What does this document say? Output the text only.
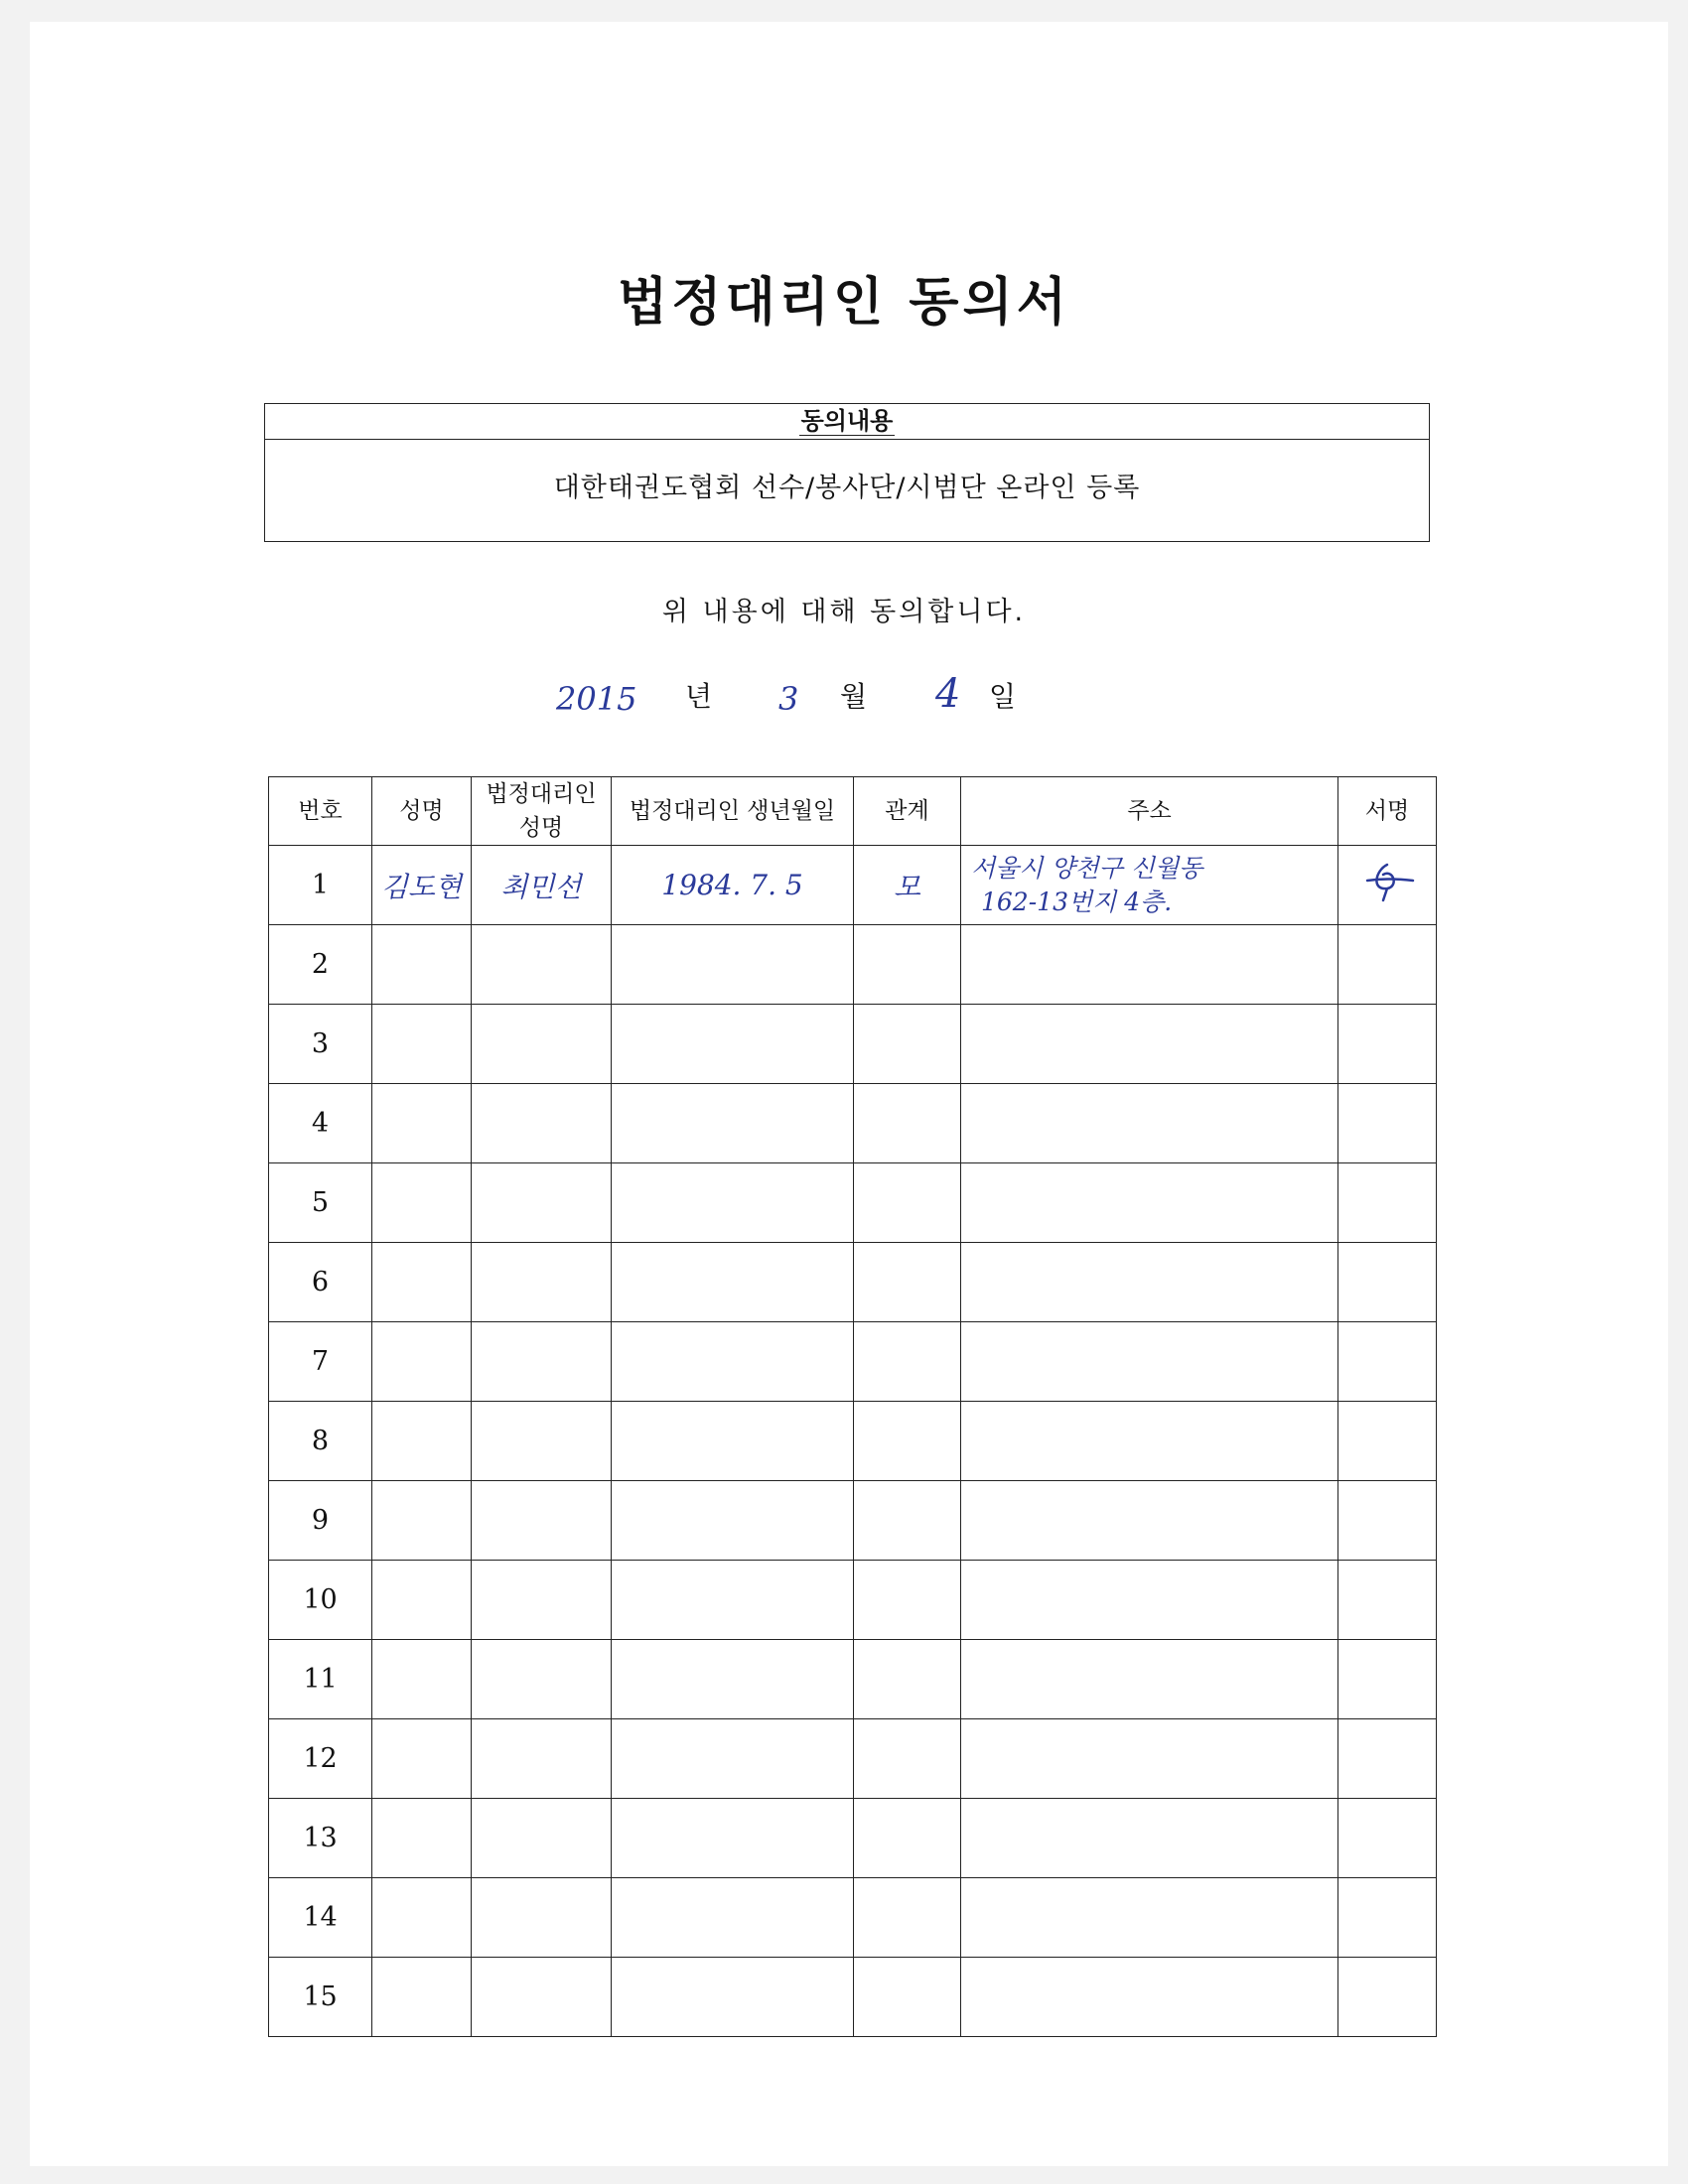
법정대리인 동의서
동의내용
대한태권도협회 선수/봉사단/시범단 온라인 등록
위 내용에 대해 동의합니다.
2015 년 3 월 4 일
번호	성명	법정대리인 성명	법정대리인 생년월일	관계	주소	서명
1	김도현	최민선	1984. 7. 5	모	서울시 양천구 신월동
162-13번지 4층.

2						
3						
4						
5						
6						
7						
8						
9						
10						
11						
12						
13						
14						
15						
